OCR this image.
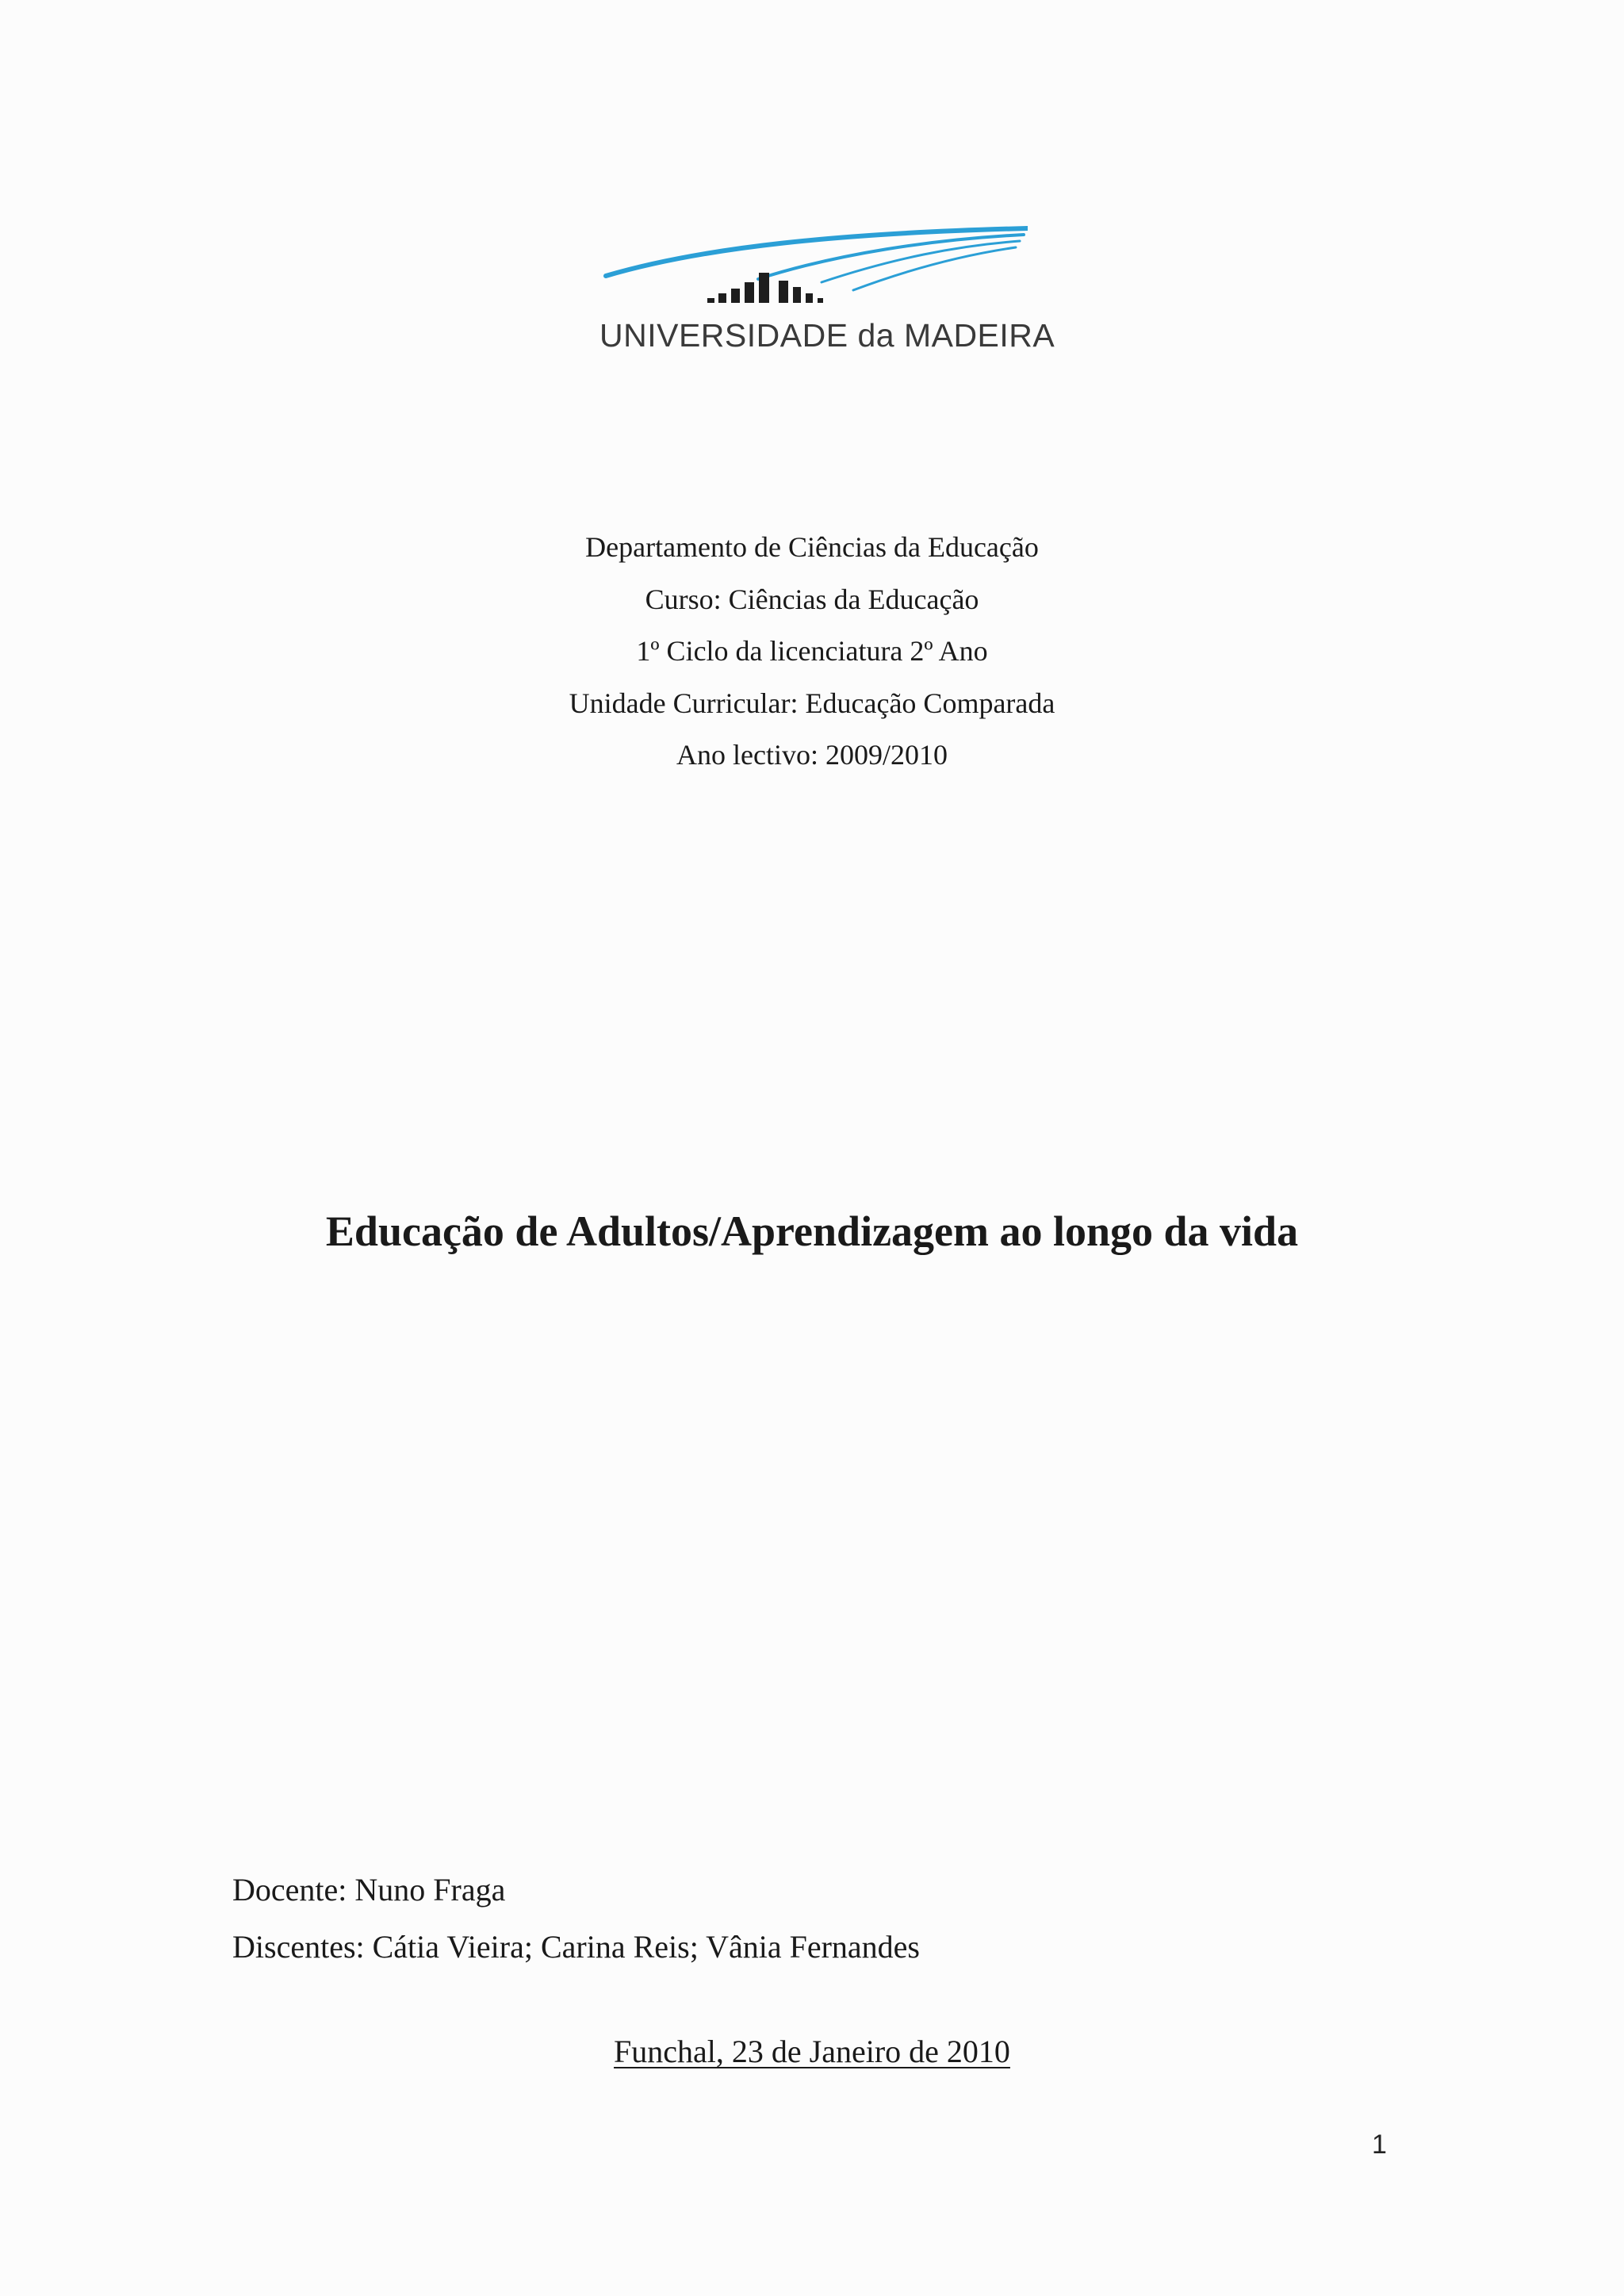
UNIVERSIDADE da MADEIRA
Departamento de Ciências da Educação
Curso: Ciências da Educação
1º Ciclo da licenciatura 2º Ano
Unidade Curricular: Educação Comparada
Ano lectivo: 2009/2010
Educação de Adultos/Aprendizagem ao longo da vida
Docente: Nuno Fraga
Discentes: Cátia Vieira; Carina Reis; Vânia Fernandes
Funchal, 23 de Janeiro de 2010
1
